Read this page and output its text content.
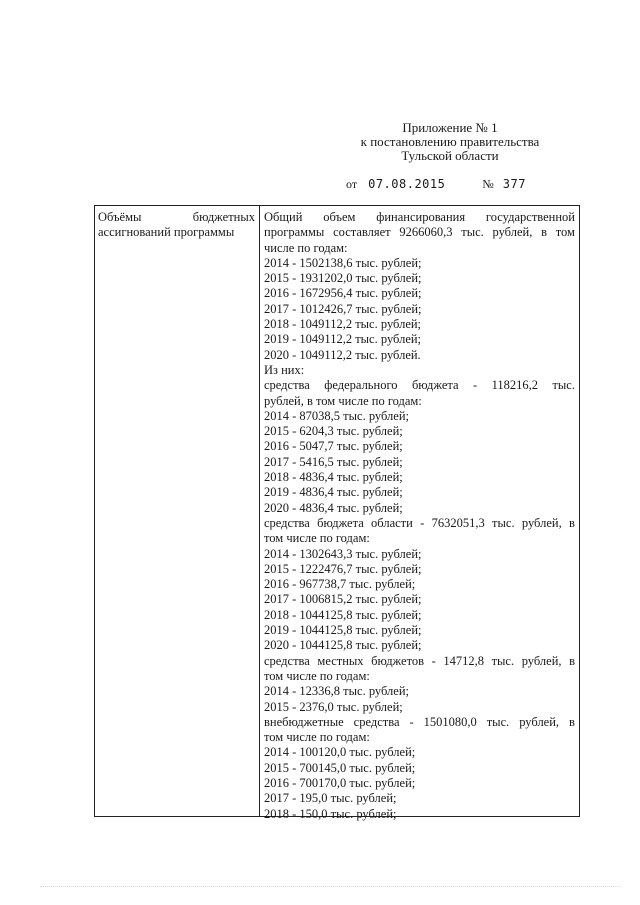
Приложение № 1
к постановлению правительства
Тульской области
от 07.08.2015	№ 377
Объёмы	бюджетных
ассигнований программы
Общий объем финансирования государственной
программы составляет 9266060,3 тыс. рублей, в том
числе по годам:
2014 - 1502138,6 тыс. рублей;
2015 - 1931202,0 тыс. рублей;
2016 - 1672956,4 тыс. рублей;
2017 - 1012426,7 тыс. рублей;
2018 - 1049112,2 тыс. рублей;
2019 - 1049112,2 тыс. рублей;
2020 - 1049112,2 тыс. рублей.
Из них:
средства федерального бюджета - 118216,2 тыс.
рублей, в том числе по годам:
2014 - 87038,5 тыс. рублей;
2015 - 6204,3 тыс. рублей;
2016 - 5047,7 тыс. рублей;
2017 - 5416,5 тыс. рублей;
2018 - 4836,4 тыс. рублей;
2019 - 4836,4 тыс. рублей;
2020 - 4836,4 тыс. рублей;
средства бюджета области - 7632051,3 тыс. рублей, в
том числе по годам:
2014 - 1302643,3 тыс. рублей;
2015 - 1222476,7 тыс. рублей;
2016 - 967738,7 тыс. рублей;
2017 - 1006815,2 тыс. рублей;
2018 - 1044125,8 тыс. рублей;
2019 - 1044125,8 тыс. рублей;
2020 - 1044125,8 тыс. рублей;
средства местных бюджетов - 14712,8 тыс. рублей, в
том числе по годам:
2014 - 12336,8 тыс. рублей;
2015 - 2376,0 тыс. рублей;
внебюджетные средства - 1501080,0 тыс. рублей, в
том числе по годам:
2014 - 100120,0 тыс. рублей;
2015 - 700145,0 тыс. рублей;
2016 - 700170,0 тыс. рублей;
2017 - 195,0 тыс. рублей;
2018 - 150,0 тыс. рублей;
